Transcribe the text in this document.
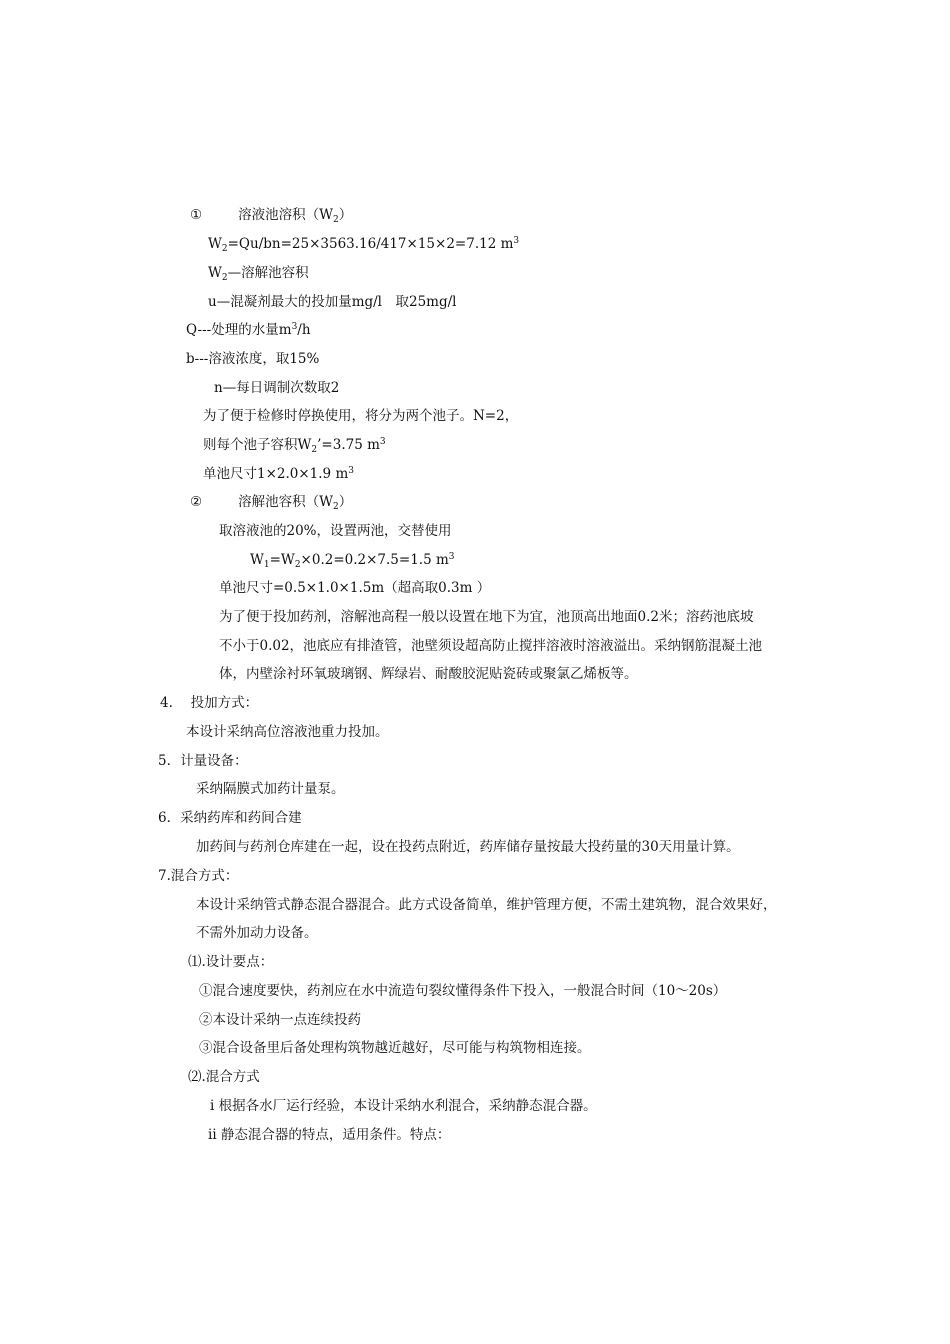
①	溶液池溶积$(W_2)$
$W_2=Qu/bn=25\times 3563.16/417\times 15\times 2=7.12$ $m^3$
$W_2—$溶解池容积
u—混凝剂最大的投加量mg/l　取25mg/l
Q---处理的水量$m^3/h$
b---溶液浓度，取15%
n—每日调制次数取2
为了便于检修时停换使用，将分为两个池子。N=2，
则每个池子容积$W_2’=3.75$ $m^3$
单池尺寸1×2.0×1.9 $m^3$
②	溶解池容积$(W_2)$
取溶液池的20%，设置两池，交替使用
$W_1=W_2\times 0.2=0.2\times 7.5=1.5$ $m^3$
单池尺寸=0.5×1.0×1.5m（超高取0.3m ）
为了便于投加药剂，溶解池高程一般以设置在地下为宜，池顶高出地面0.2米；溶药池底坡
不小于0.02，池底应有排渣管，池壁须设超高防止搅拌溶液时溶液溢出。采纳钢筋混凝土池
体，内壁涂衬环氧玻璃钢、辉绿岩、耐酸胶泥贴瓷砖或聚氯乙烯板等。
4.　 投加方式：
本设计采纳高位溶液池重力投加。
5．计量设备：
采纳隔膜式加药计量泵。
6．采纳药库和药间合建
加药间与药剂仓库建在一起，设在投药点附近，药库储存量按最大投药量的30天用量计算。
7.混合方式：
本设计采纳管式静态混合器混合。此方式设备简单，维护管理方便，不需土建筑物，混合效果好，
不需外加动力设备。
⑴.设计要点：
①混合速度要快，药剂应在水中流造句裂纹懂得条件下投入，一般混合时间（10～20s）
②本设计采纳一点连续投药
③混合设备里后备处理构筑物越近越好，尽可能与构筑物相连接。
⑵.混合方式
ⅰ 根据各水厂运行经验，本设计采纳水利混合，采纳静态混合器。
ⅱ 静态混合器的特点，适用条件。特点：
